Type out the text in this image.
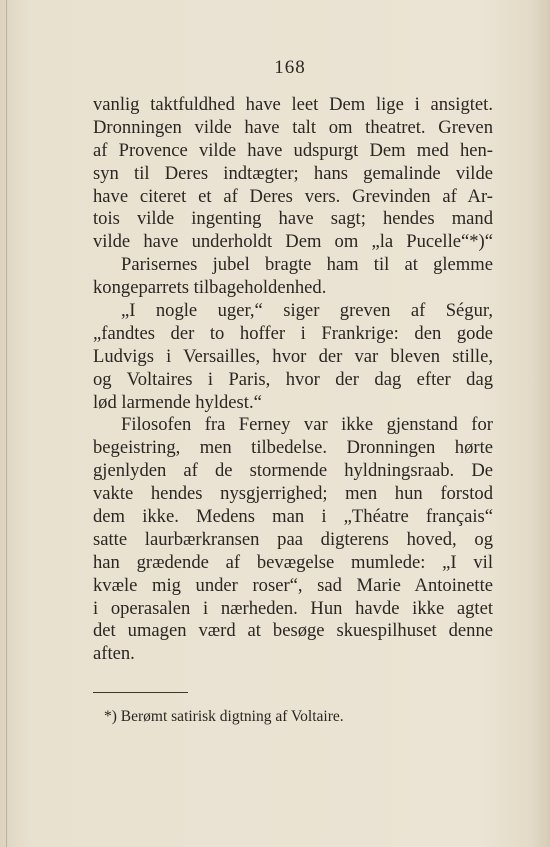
168
vanlig taktfuldhed have leet Dem lige i ansigtet.
Dronningen vilde have talt om theatret. Greven
af Provence vilde have udspurgt Dem med hen-
syn til Deres indtægter; hans gemalinde vilde
have citeret et af Deres vers. Grevinden af Ar-
tois vilde ingenting have sagt; hendes mand
vilde have underholdt Dem om „la Pucelle“*)“
Parisernes jubel bragte ham til at glemme
kongeparrets tilbageholdenhed.
„I nogle uger,“ siger greven af Ségur,
„fandtes der to hoffer i Frankrige: den gode
Ludvigs i Versailles, hvor der var bleven stille,
og Voltaires i Paris, hvor der dag efter dag
lød larmende hyldest.“
Filosofen fra Ferney var ikke gjenstand for
begeistring, men tilbedelse. Dronningen hørte
gjenlyden af de stormende hyldningsraab. De
vakte hendes nysgjerrighed; men hun forstod
dem ikke. Medens man i „Théatre français“
satte laurbærkransen paa digterens hoved, og
han grædende af bevægelse mumlede: „I vil
kvæle mig under roser“, sad Marie Antoinette
i operasalen i nærheden. Hun havde ikke agtet
det umagen værd at besøge skuespilhuset denne
aften.
*) Berømt satirisk digtning af Voltaire.
